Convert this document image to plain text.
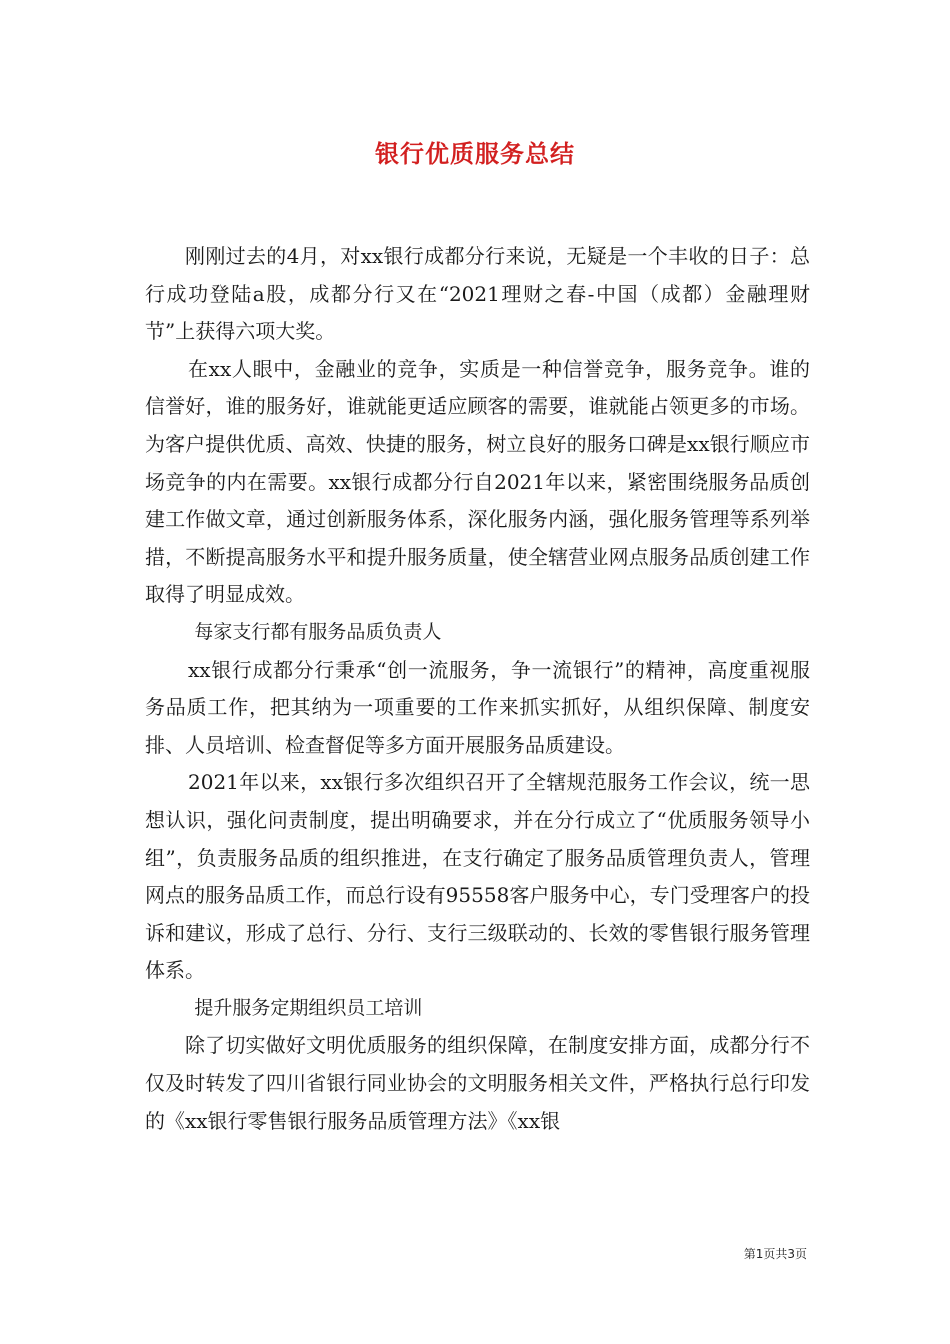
银行优质服务总结

刚刚过去的4月，对xx银行成都分行来说，无疑是一个丰收的日子：总行成功登陆a股，成都分行又在“2021理财之春-中国（成都）金融理财节”上获得六项大奖。

在xx人眼中，金融业的竞争，实质是一种信誉竞争，服务竞争。谁的信誉好，谁的服务好，谁就能更适应顾客的需要，谁就能占领更多的市场。为客户提供优质、高效、快捷的服务，树立良好的服务口碑是xx银行顺应市场竞争的内在需要。xx银行成都分行自2021年以来，紧密围绕服务品质创建工作做文章，通过创新服务体系，深化服务内涵，强化服务管理等系列举措，不断提高服务水平和提升服务质量，使全辖营业网点服务品质创建工作取得了明显成效。

每家支行都有服务品质负责人

xx银行成都分行秉承“创一流服务，争一流银行”的精神，高度重视服务品质工作，把其纳为一项重要的工作来抓实抓好，从组织保障、制度安排、人员培训、检查督促等多方面开展服务品质建设。

2021年以来，xx银行多次组织召开了全辖规范服务工作会议，统一思想认识，强化问责制度，提出明确要求，并在分行成立了“优质服务领导小组”，负责服务品质的组织推进，在支行确定了服务品质管理负责人，管理网点的服务品质工作，而总行设有95558客户服务中心，专门受理客户的投诉和建议，形成了总行、分行、支行三级联动的、长效的零售银行服务管理体系。

提升服务定期组织员工培训

除了切实做好文明优质服务的组织保障，在制度安排方面，成都分行不仅及时转发了四川省银行同业协会的文明服务相关文件，严格执行总行印发的《xx银行零售银行服务品质管理方法》《xx银

第1页共3页
